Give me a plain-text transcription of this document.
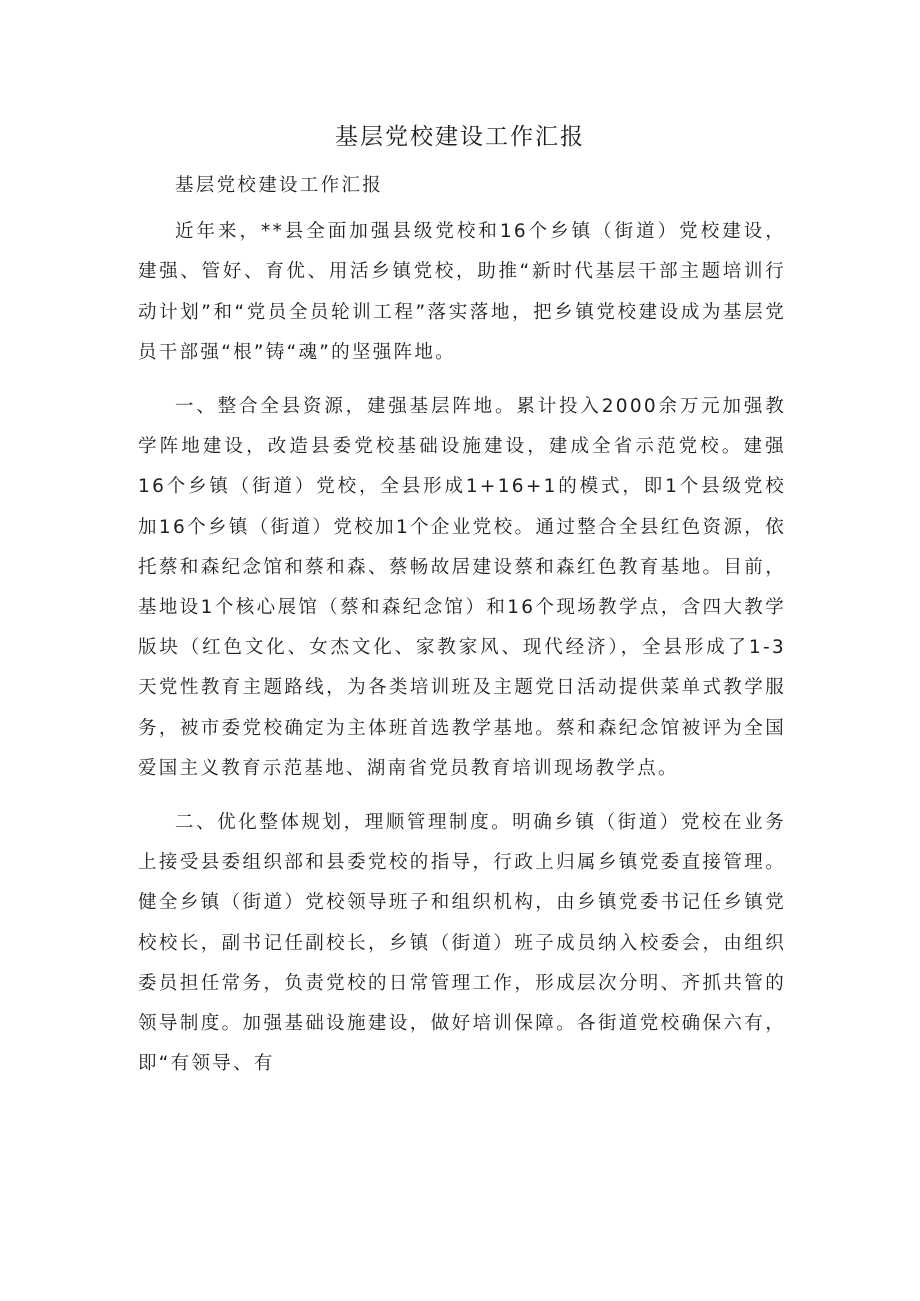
基层党校建设工作汇报

基层党校建设工作汇报

近年来，**县全面加强县级党校和16个乡镇（街道）党校建设，建强、管好、育优、用活乡镇党校，助推“新时代基层干部主题培训行动计划”和“党员全员轮训工程”落实落地，把乡镇党校建设成为基层党员干部强“根”铸“魂”的坚强阵地。

一、整合全县资源，建强基层阵地。累计投入2000余万元加强教学阵地建设，改造县委党校基础设施建设，建成全省示范党校。建强16个乡镇（街道）党校，全县形成1+16+1的模式，即1个县级党校加16个乡镇（街道）党校加1个企业党校。通过整合全县红色资源，依托蔡和森纪念馆和蔡和森、蔡畅故居建设蔡和森红色教育基地。目前，基地设1个核心展馆（蔡和森纪念馆）和16个现场教学点，含四大教学版块（红色文化、女杰文化、家教家风、现代经济），全县形成了1-3天党性教育主题路线，为各类培训班及主题党日活动提供菜单式教学服务，被市委党校确定为主体班首选教学基地。蔡和森纪念馆被评为全国爱国主义教育示范基地、湖南省党员教育培训现场教学点。

二、优化整体规划，理顺管理制度。明确乡镇（街道）党校在业务上接受县委组织部和县委党校的指导，行政上归属乡镇党委直接管理。健全乡镇（街道）党校领导班子和组织机构，由乡镇党委书记任乡镇党校校长，副书记任副校长，乡镇（街道）班子成员纳入校委会，由组织委员担任常务，负责党校的日常管理工作，形成层次分明、齐抓共管的领导制度。加强基础设施建设，做好培训保障。各街道党校确保六有，即“有领导、有
